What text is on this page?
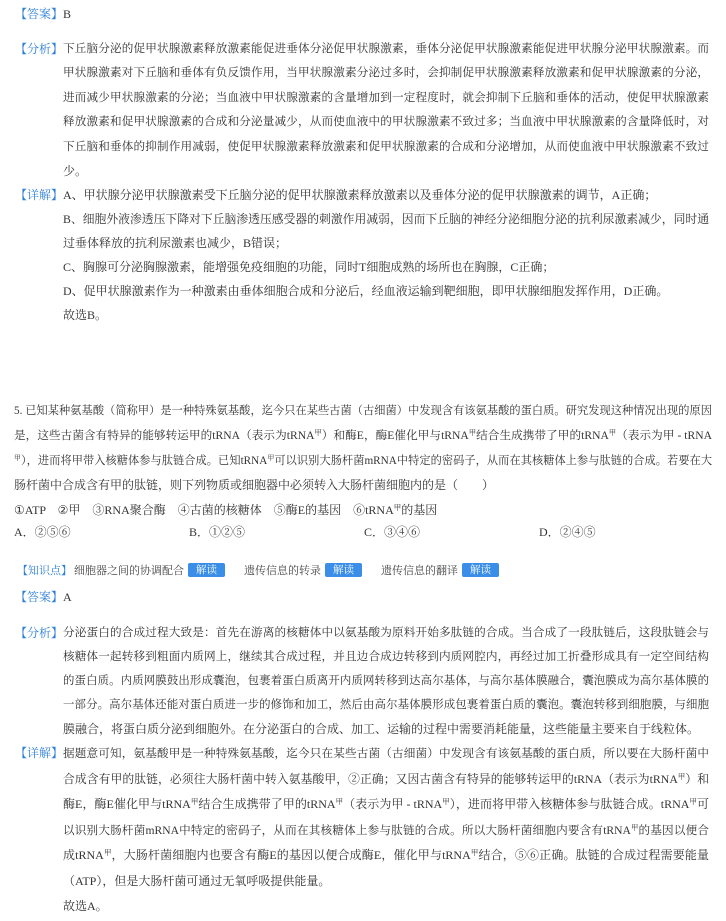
【答案】 B
【分析】 下丘脑分泌的促甲状腺激素释放激素能促进垂体分泌促甲状腺激素，垂体分泌促甲状腺激素能促进甲状腺分泌甲状腺激素。而
甲状腺激素对下丘脑和垂体有负反馈作用，当甲状腺激素分泌过多时，会抑制促甲状腺激素释放激素和促甲状腺激素的分泌，
进而减少甲状腺激素的分泌；当血液中甲状腺激素的含量增加到一定程度时，就会抑制下丘脑和垂体的活动，使促甲状腺激素
释放激素和促甲状腺激素的合成和分泌量减少，从而使血液中的甲状腺激素不致过多；当血液中甲状腺激素的含量降低时，对
下丘脑和垂体的抑制作用减弱，使促甲状腺激素释放激素和促甲状腺激素的合成和分泌增加，从而使血液中甲状腺激素不致过
少。
【详解】 A、甲状腺分泌甲状腺激素受下丘脑分泌的促甲状腺激素释放激素以及垂体分泌的促甲状腺激素的调节，A正确；
B、细胞外液渗透压下降对下丘脑渗透压感受器的刺激作用减弱，因而下丘脑的神经分泌细胞分泌的抗利尿激素减少，同时通
过垂体释放的抗利尿激素也减少，B错误；
C、胸腺可分泌胸腺激素，能增强免疫细胞的功能，同时T细胞成熟的场所也在胸腺，C正确；
D、促甲状腺激素作为一种激素由垂体细胞合成和分泌后，经血液运输到靶细胞，即甲状腺细胞发挥作用，D正确。
故选B。
5. 已知某种氨基酸（简称甲）是一种特殊氨基酸，迄今只在某些古菌（古细菌）中发现含有该氨基酸的蛋白质。研究发现这种情况出现的原因
是，这些古菌含有特异的能够转运甲的tRNA（表示为tRNA$^甲$）和酶E，酶E催化甲与tRNA$^甲$结合生成携带了甲的tRNA$^甲$（表示为甲 - tRNA
$^甲$），进而将甲带入核糖体参与肽链合成。已知tRNA$^甲$可以识别大肠杆菌mRNA中特定的密码子，从而在其核糖体上参与肽链的合成。若要在大
肠杆菌中合成含有甲的肽链，则下列物质或细胞器中必须转入大肠杆菌细胞内的是（　　）
①ATP　②甲　③RNA聚合酶　④古菌的核糖体　⑤酶E的基因　⑥tRNA$^甲$的基因
A．②⑤⑥	B．①②⑤	C．③④⑥	D．②④⑤
【知识点】 细胞器之间的协调配合	解读	遗传信息的转录	解读	遗传信息的翻译	解读
【答案】 A
【分析】 分泌蛋白的合成过程大致是：首先在游离的核糖体中以氨基酸为原料开始多肽链的合成。当合成了一段肽链后，这段肽链会与
核糖体一起转移到粗面内质网上，继续其合成过程，并且边合成边转移到内质网腔内，再经过加工折叠形成具有一定空间结构
的蛋白质。内质网膜鼓出形成囊泡，包裹着蛋白质离开内质网转移到达高尔基体，与高尔基体膜融合，囊泡膜成为高尔基体膜的
一部分。高尔基体还能对蛋白质进一步的修饰和加工，然后由高尔基体膜形成包裹着蛋白质的囊泡。囊泡转移到细胞膜，与细胞
膜融合，将蛋白质分泌到细胞外。在分泌蛋白的合成、加工、运输的过程中需要消耗能量，这些能量主要来自于线粒体。
【详解】 据题意可知，氨基酸甲是一种特殊氨基酸，迄今只在某些古菌（古细菌）中发现含有该氨基酸的蛋白质，所以要在大肠杆菌中
合成含有甲的肽链，必须往大肠杆菌中转入氨基酸甲，②正确；又因古菌含有特异的能够转运甲的tRNA（表示为tRNA$^甲$）和
酶E，酶E催化甲与tRNA$^甲$结合生成携带了甲的tRNA$^甲$（表示为甲 - tRNA$^甲$），进而将甲带入核糖体参与肽链合成。tRNA$^甲$可
以识别大肠杆菌mRNA中特定的密码子，从而在其核糖体上参与肽链的合成。所以大肠杆菌细胞内要含有tRNA$^甲$的基因以便合
成tRNA$^甲$，大肠杆菌细胞内也要含有酶E的基因以便合成酶E，催化甲与tRNA$^甲$结合，⑤⑥正确。肽链的合成过程需要能量
（ATP），但是大肠杆菌可通过无氧呼吸提供能量。
故选A。
